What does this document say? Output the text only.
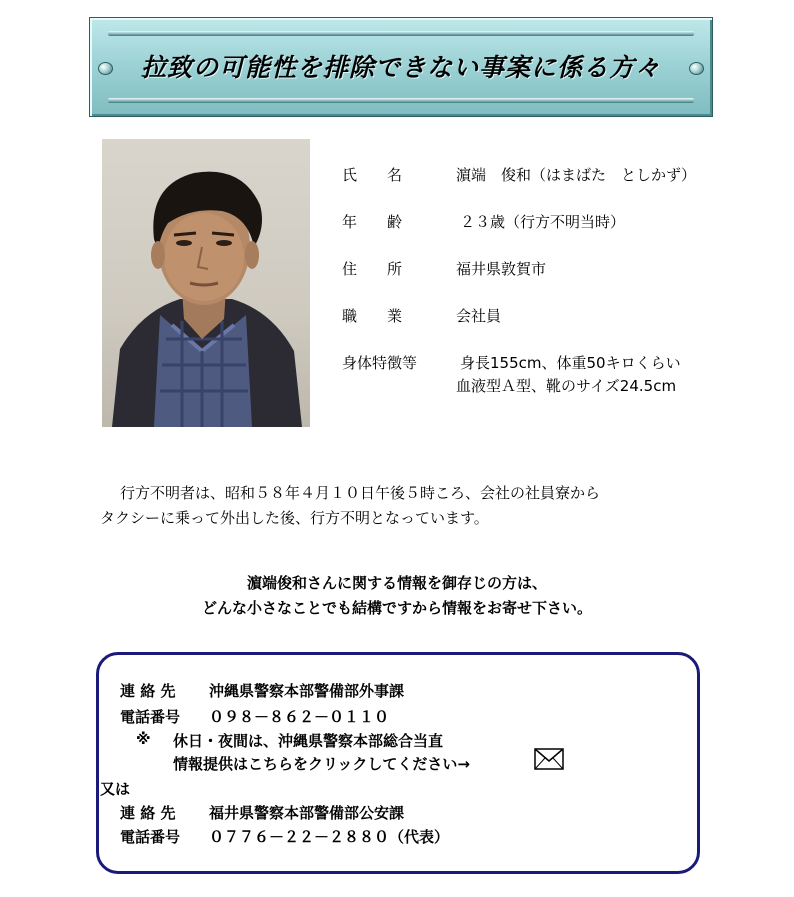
拉致の可能性を排除できない事案に係る方々
氏　　名	濵端　俊和（はまばた　としかず）
年　　齢	２３歳（行方不明当時）
住　　所	福井県敦賀市
職　　業	会社員
身体特徴等	身長155cm、体重50キロくらい
血液型Ａ型、靴のサイズ24.5cm
行方不明者は、昭和５８年４月１０日午後５時ころ、会社の社員寮から
タクシーに乗って外出した後、行方不明となっています。
濵端俊和さんに関する情報を御存じの方は、
どんな小さなことでも結構ですから情報をお寄せ下さい。
連 絡 先 沖縄県警察本部警備部外事課
電話番号 ０９８－８６２－０１１０
※ 休日・夜間は、沖縄県警察本部総合当直
情報提供はこちらをクリックしてください→
又は
連 絡 先 福井県警察本部警備部公安課
電話番号 ０７７６－２２－２８８０（代表）
